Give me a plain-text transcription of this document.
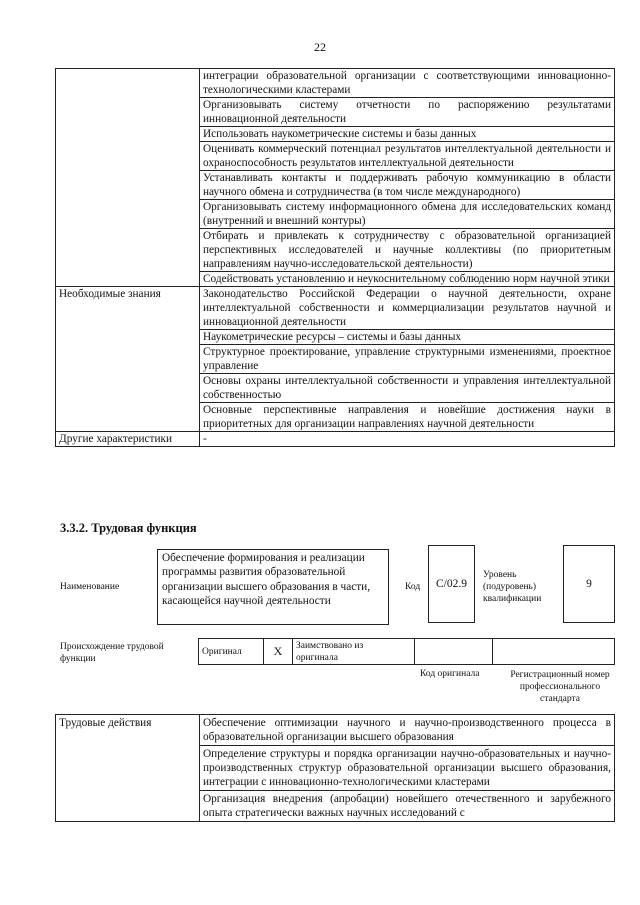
22
	интеграции образовательной организации с соответствующими инновационно-технологическими кластерами
	Организовывать систему отчетности по распоряжению результатами инновационной деятельности
	Использовать наукометрические системы и базы данных
	Оценивать коммерческий потенциал результатов интеллектуальной деятельности и охраноспособность результатов интеллектуальной деятельности
	Устанавливать контакты и поддерживать рабочую коммуникацию в области научного обмена и сотрудничества (в том числе международного)
	Организовывать систему информационного обмена для исследовательских команд (внутренний и внешний контуры)
	Отбирать и привлекать к сотрудничеству с образовательной организацией перспективных исследователей и научные коллективы (по приоритетным направлениям научно-исследовательской деятельности)
	Содействовать установлению и неукоснительному соблюдению норм научной этики
Необходимые знания	Законодательство Российской Федерации о научной деятельности, охране интеллектуальной собственности и коммерциализации результатов научной и инновационной деятельности
	Наукометрические ресурсы – системы и базы данных
	Структурное проектирование, управление структурными изменениями, проектное управление
	Основы охраны интеллектуальной собственности и управления интеллектуальной собственностью
	Основные перспективные направления и новейшие достижения науки в приоритетных для организации направлениях научной деятельности
Другие характеристики	-
3.3.2. Трудовая функция
Наименование
Обеспечение формирования и реализации программы развития образовательной организации высшего образования в части, касающейся научной деятельности
Код	C/02.9
Уровень
(подуровень)
квалификации
9
Происхождение трудовой
функции
Оригинал	X	Заимствовано из
оригинала

Код оригинала	Регистрационный номер
профессионального
стандарта
Трудовые действия	Обеспечение оптимизации научного и научно-производственного процесса в образовательной организации высшего образования
Определение структуры и порядка организации научно-образовательных и научно-производственных структур образовательной организации высшего образования, интеграции с инновационно-технологическими кластерами
Организация внедрения (апробации) новейшего отечественного и зарубежного опыта стратегически важных научных исследований с
